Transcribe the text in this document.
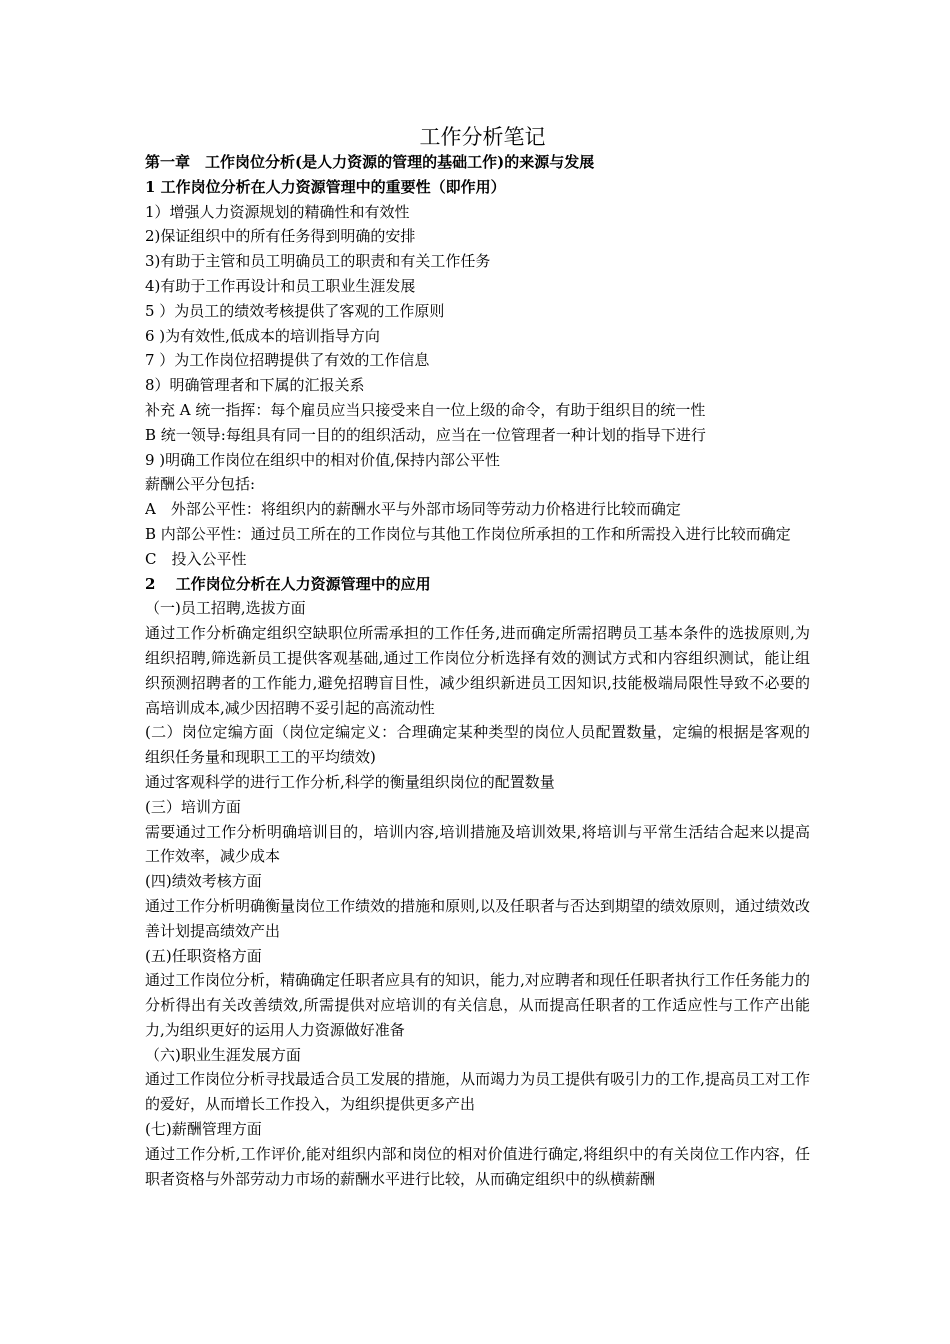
工作分析笔记

第一章　工作岗位分析(是人力资源的管理的基础工作)的来源与发展

1 工作岗位分析在人力资源管理中的重要性（即作用）

1）增强人力资源规划的精确性和有效性

2)保证组织中的所有任务得到明确的安排

3)有助于主管和员工明确员工的职责和有关工作任务

4)有助于工作再设计和员工职业生涯发展

5 ）为员工的绩效考核提供了客观的工作原则

6 )为有效性,低成本的培训指导方向

7 ）为工作岗位招聘提供了有效的工作信息

8）明确管理者和下属的汇报关系

补充 A 统一指挥：每个雇员应当只接受来自一位上级的命令，有助于组织目的统一性

B 统一领导:每组具有同一目的的组织活动，应当在一位管理者一种计划的指导下进行

9 )明确工作岗位在组织中的相对价值,保持内部公平性

薪酬公平分包括:

A　外部公平性：将组织内的薪酬水平与外部市场同等劳动力价格进行比较而确定

B 内部公平性：通过员工所在的工作岗位与其他工作岗位所承担的工作和所需投入进行比较而确定

C　投入公平性

2 　工作岗位分析在人力资源管理中的应用

（一)员工招聘,选拔方面

通过工作分析确定组织空缺职位所需承担的工作任务,进而确定所需招聘员工基本条件的选拔原则,为组织招聘,筛选新员工提供客观基础,通过工作岗位分析选择有效的测试方式和内容组织测试，能让组织预测招聘者的工作能力,避免招聘盲目性，减少组织新进员工因知识,技能极端局限性导致不必要的高培训成本,减少因招聘不妥引起的高流动性

(二）岗位定编方面（岗位定编定义：合理确定某种类型的岗位人员配置数量，定编的根据是客观的组织任务量和现职工工的平均绩效)

通过客观科学的进行工作分析,科学的衡量组织岗位的配置数量

(三）培训方面

需要通过工作分析明确培训目的，培训内容,培训措施及培训效果,将培训与平常生活结合起来以提高工作效率，减少成本

(四)绩效考核方面

通过工作分析明确衡量岗位工作绩效的措施和原则,以及任职者与否达到期望的绩效原则，通过绩效改善计划提高绩效产出

(五)任职资格方面

通过工作岗位分析，精确确定任职者应具有的知识，能力,对应聘者和现任任职者执行工作任务能力的分析得出有关改善绩效,所需提供对应培训的有关信息，从而提高任职者的工作适应性与工作产出能力,为组织更好的运用人力资源做好准备

（六)职业生涯发展方面

通过工作岗位分析寻找最适合员工发展的措施，从而竭力为员工提供有吸引力的工作,提高员工对工作的爱好，从而增长工作投入，为组织提供更多产出

(七)薪酬管理方面

通过工作分析,工作评价,能对组织内部和岗位的相对价值进行确定,将组织中的有关岗位工作内容，任职者资格与外部劳动力市场的薪酬水平进行比较，从而确定组织中的纵横薪酬
